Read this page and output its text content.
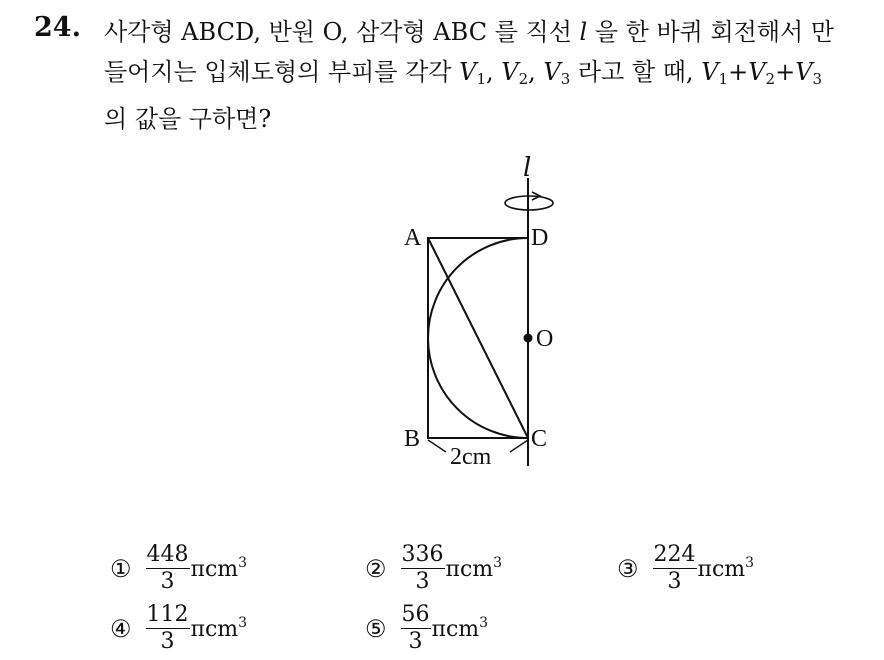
24. 사각형 ABCD, 반원 O, 삼각형 ABC 를 직선 l 을 한 바퀴 회전해서 만
들어지는 입체도형의 부피를 각각 $V_1$, $V_2$, $V_3$ 라고 할 때, $V_1+V_2+V_3$
의 값을 구하면?
l
A	D
O
B	C
2cm
① $\frac{448}{3} \pi cm^3$	② $\frac{336}{3} \pi cm^3$	③ $\frac{224}{3} \pi cm^3$
④ $\frac{112}{3} \pi cm^3$	⑤ $\frac{56}{3} \pi cm^3$
